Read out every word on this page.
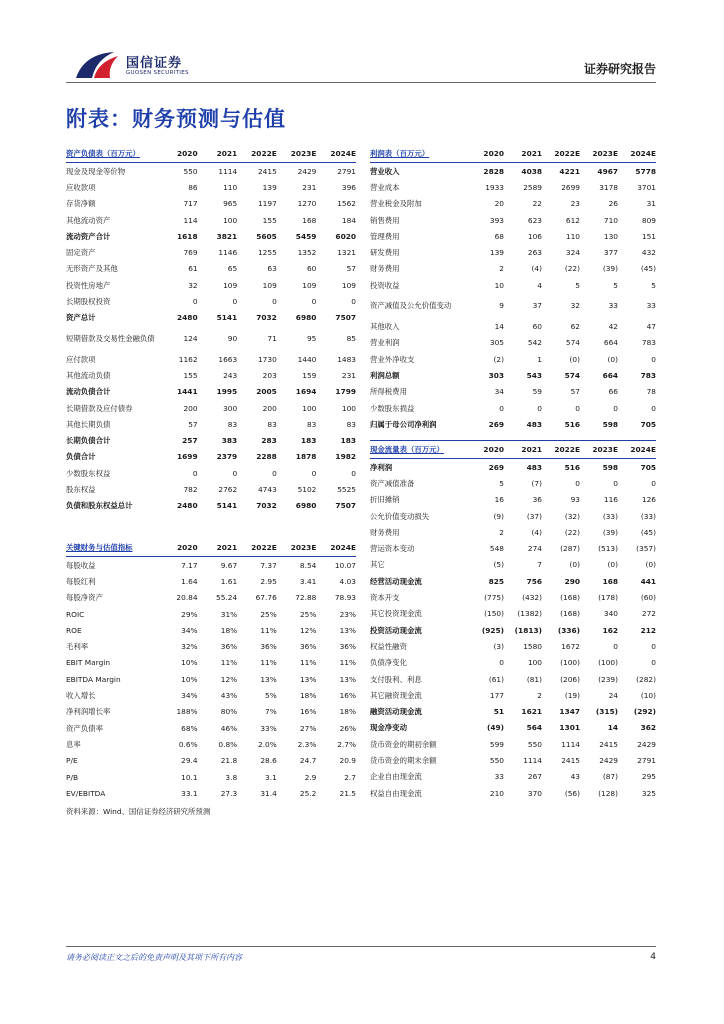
国信证券
GUOSEN SECURITIES	证券研究报告
附表：财务预测与估值
资产负债表（百万元）	2020	2021	2022E	2023E	2024E
现金及现金等价物	550	1114	2415	2429	2791
应收款项	86	110	139	231	396
存货净额	717	965	1197	1270	1562
其他流动资产	114	100	155	168	184
流动资产合计	1618	3821	5605	5459	6020
固定资产	769	1146	1255	1352	1321
无形资产及其他	61	65	63	60	57
投资性房地产	32	109	109	109	109
长期股权投资	0	0	0	0	0
资产总计	2480	5141	7032	6980	7507
短期借款及交易性金融负债	124	90	71	95	85
应付款项	1162	1663	1730	1440	1483
其他流动负债	155	243	203	159	231
流动负债合计	1441	1995	2005	1694	1799
长期借款及应付债券	200	300	200	100	100
其他长期负债	57	83	83	83	83
长期负债合计	257	383	283	183	183
负债合计	1699	2379	2288	1878	1982
少数股东权益	0	0	0	0	0
股东权益	782	2762	4743	5102	5525
负债和股东权益总计	2480	5141	7032	6980	7507
关键财务与估值指标	2020	2021	2022E	2023E	2024E
每股收益	7.17	9.67	7.37	8.54	10.07
每股红利	1.64	1.61	2.95	3.41	4.03
每股净资产	20.84	55.24	67.76	72.88	78.93
ROIC	29%	31%	25%	25%	23%
ROE	34%	18%	11%	12%	13%
毛利率	32%	36%	36%	36%	36%
EBIT Margin	10%	11%	11%	11%	11%
EBITDA Margin	10%	12%	13%	13%	13%
收入增长	34%	43%	5%	18%	16%
净利润增长率	188%	80%	7%	16%	18%
资产负债率	68%	46%	33%	27%	26%
息率	0.6%	0.8%	2.0%	2.3%	2.7%
P/E	29.4	21.8	28.6	24.7	20.9
P/B	10.1	3.8	3.1	2.9	2.7
EV/EBITDA	33.1	27.3	31.4	25.2	21.5
利润表（百万元）	2020	2021	2022E	2023E	2024E
营业收入	2828	4038	4221	4967	5778
营业成本	1933	2589	2699	3178	3701
营业税金及附加	20	22	23	26	31
销售费用	393	623	612	710	809
管理费用	68	106	110	130	151
研发费用	139	263	324	377	432
财务费用	2	(4)	(22)	(39)	(45)
投资收益	10	4	5	5	5
资产减值及公允价值变动	9	37	32	33	33
其他收入	14	60	62	42	47
营业利润	305	542	574	664	783
营业外净收支	(2)	1	(0)	(0)	0
利润总额	303	543	574	664	783
所得税费用	34	59	57	66	78
少数股东损益	0	0	0	0	0
归属于母公司净利润	269	483	516	598	705
现金流量表（百万元）	2020	2021	2022E	2023E	2024E
净利润	269	483	516	598	705
资产减值准备	5	(7)	0	0	0
折旧摊销	16	36	93	116	126
公允价值变动损失	(9)	(37)	(32)	(33)	(33)
财务费用	2	(4)	(22)	(39)	(45)
营运资本变动	548	274	(287)	(513)	(357)
其它	(5)	7	(0)	(0)	(0)
经营活动现金流	825	756	290	168	441
资本开支	(775)	(432)	(168)	(178)	(60)
其它投资现金流	(150)	(1382)	(168)	340	272
投资活动现金流	(925)	(1813)	(336)	162	212
权益性融资	(3)	1580	1672	0	0
负债净变化	0	100	(100)	(100)	0
支付股利、利息	(61)	(81)	(206)	(239)	(282)
其它融资现金流	177	2	(19)	24	(10)
融资活动现金流	51	1621	1347	(315)	(292)
现金净变动	(49)	564	1301	14	362
货币资金的期初余额	599	550	1114	2415	2429
货币资金的期末余额	550	1114	2415	2429	2791
企业自由现金流	33	267	43	(87)	295
权益自由现金流	210	370	(56)	(128)	325
资料来源：Wind、国信证券经济研究所预测
请务必阅读正文之后的免责声明及其项下所有内容	4
